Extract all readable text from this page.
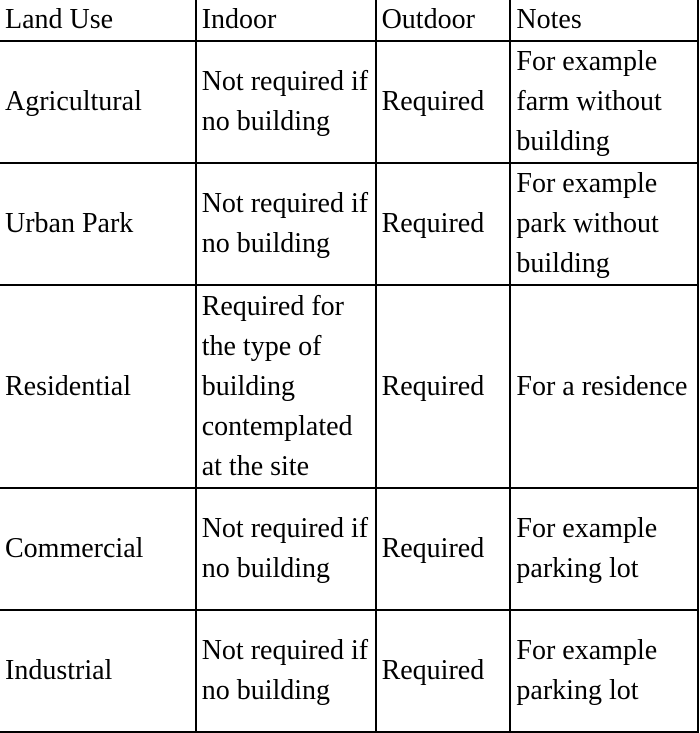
Land Use	Indoor	Outdoor	Notes
Agricultural	Not required if no building	Required	For example farm without building
Urban Park	Not required if no building	Required	For example park without building
Residential	Required for the type of building contemplated at the site	Required	For a residence
Commercial	Not required if no building	Required	For example parking lot
Industrial	Not required if no building	Required	For example parking lot
